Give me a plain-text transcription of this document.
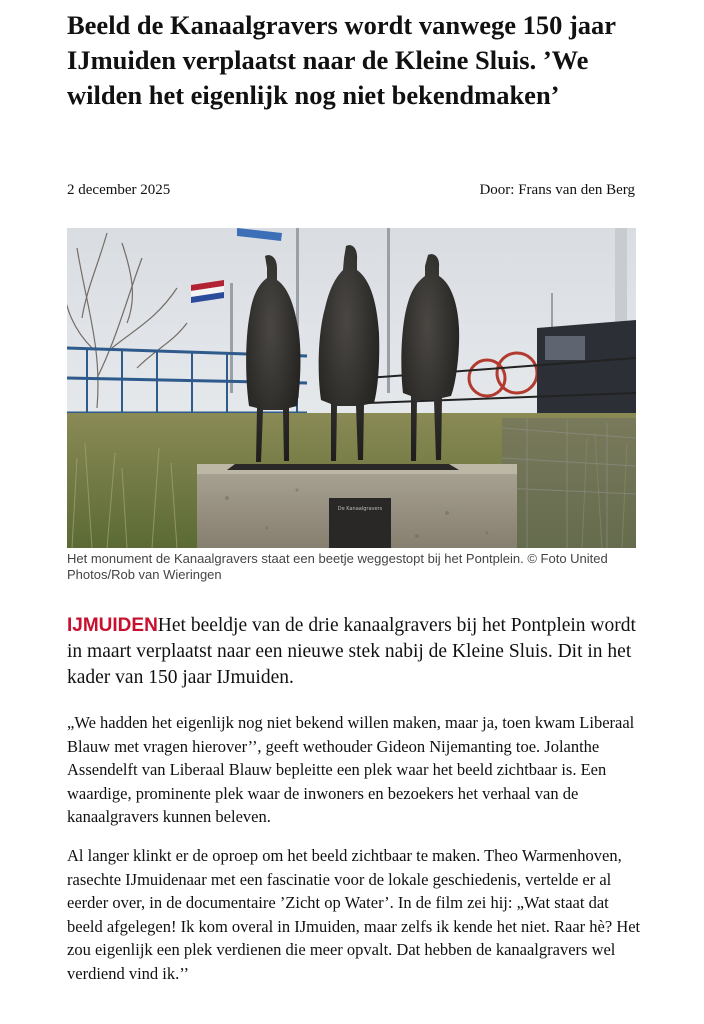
Beeld de Kanaalgravers wordt vanwege 150 jaar IJmuiden verplaatst naar de Kleine Sluis. ’We wilden het eigenlijk nog niet bekendmaken’
2 december 2025	Door: Frans van den Berg
De Kanaalgravers

Het monument de Kanaalgravers staat een beetje weggestopt bij het Pontplein. © Foto United Photos/Rob van Wieringen

IJMUIDENHet beeldje van de drie kanaalgravers bij het Pontplein wordt in maart verplaatst naar een nieuwe stek nabij de Kleine Sluis. Dit in het kader van 150 jaar IJmuiden.

„We hadden het eigenlijk nog niet bekend willen maken, maar ja, toen kwam Liberaal Blauw met vragen hierover’’, geeft wethouder Gideon Nijemanting toe. Jolanthe Assendelft van Liberaal Blauw bepleitte een plek waar het beeld zichtbaar is. Een waardige, prominente plek waar de inwoners en bezoekers het verhaal van de kanaalgravers kunnen beleven.

Al langer klinkt er de oproep om het beeld zichtbaar te maken. Theo Warmenhoven, rasechte IJmuidenaar met een fascinatie voor de lokale geschiedenis, vertelde er al eerder over, in de documentaire ’Zicht op Water’. In de film zei hij: „Wat staat dat beeld afgelegen! Ik kom overal in IJmuiden, maar zelfs ik kende het niet. Raar hè? Het zou eigenlijk een plek verdienen die meer opvalt. Dat hebben de kanaalgravers wel verdiend vind ik.’’
